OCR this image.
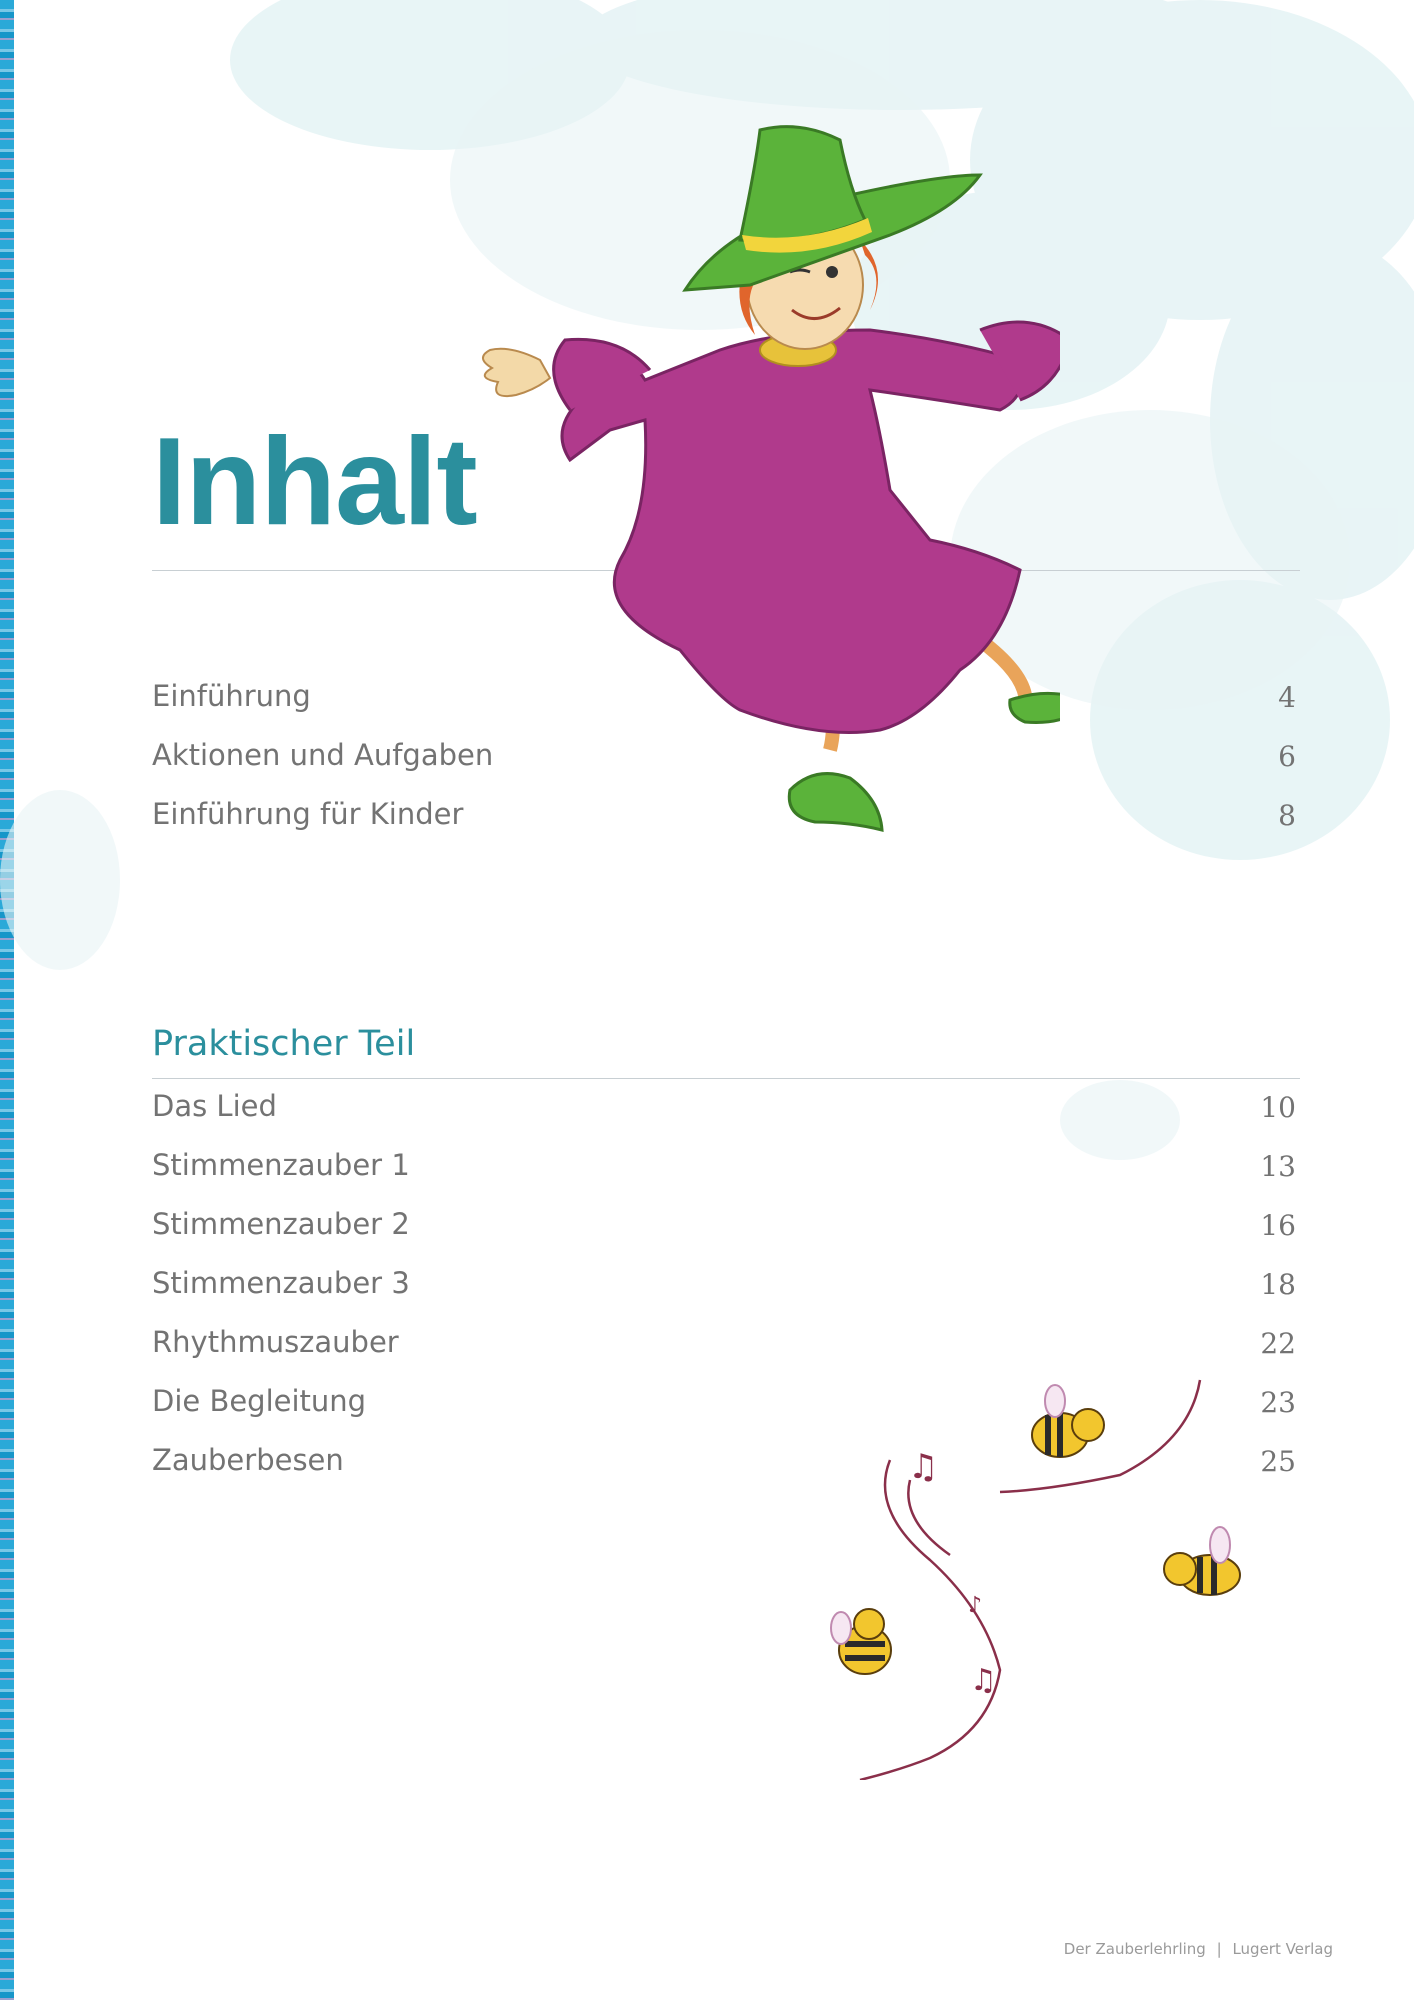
Inhalt
Einführung	4
Aktionen und Aufgaben	6
Einführung für Kinder	8
Praktischer Teil
Das Lied	10
Stimmenzauber 1	13
Stimmenzauber 2	16
Stimmenzauber 3	18
Rhythmuszauber	22
Die Begleitung	23
Zauberbesen	25
♫
♫
♪
Der Zauberlehrling | Lugert Verlag
